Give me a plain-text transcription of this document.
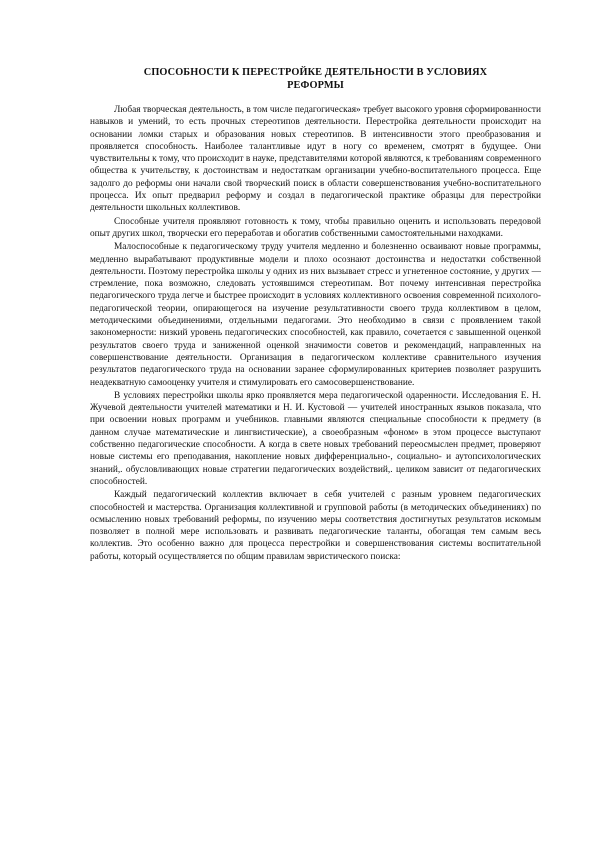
СПОСОБНОСТИ К ПЕРЕСТРОЙКЕ ДЕЯТЕЛЬНОСТИ В УСЛОВИЯХ
РЕФОРМЫ

Любая творческая деятельность, в том числе педагогическая» требует высокого уровня сформированности навыков и умений, то есть прочных стереотипов деятельности. Перестройка деятельности происходит на основании ломки старых и образования новых стереотипов. В интенсивности этого преобразования и проявляется способность. Наиболее талантливые идут в ногу со временем, смотрят в будущее. Они чувствительны к тому, что происходит в науке, представителями которой являются, к требованиям современного общества к учительству, к достоинствам и недостаткам организации учебно-воспитательного процесса. Еще задолго до реформы они начали свой творческий поиск в области совершенствования учебно-воспитательного процесса. Их опыт предварил реформу и создал в педагогической практике образцы для перестройки деятельности школьных коллективов.

Способные учителя проявляют готовность к тому, чтобы правильно оценить и использовать передовой опыт других школ, творчески его переработав и обогатив собственными самостоятельными находками.

Малоспособные к педагогическому труду учителя медленно и болезненно осваивают новые программы, медленно вырабатывают продуктивные модели и плохо осознают достоинства и недостатки собственной деятельности. Поэтому перестройка школы у одних из них вызывает стресс и угнетенное состояние, у других — стремление, пока возможно, следовать устоявшимся стереотипам. Вот почему интенсивная перестройка педагогического труда легче и быстрее происходит в условиях коллективного освоения современной психолого-педагогической теории, опирающегося на изучение результативности своего труда коллективом в целом, методическими объединениями, отдельными педагогами. Это необходимо в связи с проявлением такой закономерности: низкий уровень педагогических способностей, как правило, сочетается с завышенной оценкой результатов своего труда и заниженной оценкой значимости советов и рекомендаций, направленных на совершенствование деятельности. Организация в педагогическом коллективе сравнительного изучения результатов педагогического труда на основании заранее сформулированных критериев позволяет разрушить неадекватную самооценку учителя и стимулировать его самосовершенствование.

В условиях перестройки школы ярко проявляется мера педагогической одаренности. Исследования Е. Н. Жучевой деятельности учителей математики и Н. И. Кустовой — учителей иностранных языков показала, что при освоении новых программ и учебников. главными являются специальные способности к предмету (в данном случае математические и лингвистические), а своеобразным «фоном» в этом процессе выступают собственно педагогические способности. А когда в свете новых требований переосмыслен предмет, проверяют новые системы его преподавания, накопление новых дифференциально-, социально- и аутопсихологических знаний,. обусловливающих новые стратегии педагогических воздействий,. целиком зависит от педагогических способностей.

Каждый педагогический коллектив включает в себя учителей с разным уровнем педагогических способностей и мастерства. Организация коллективной и групповой работы (в методических объединениях) по осмыслению новых требований реформы, по изучению меры соответствия достигнутых результатов искомым позволяет в полной мере использовать и развивать педагогические таланты, обогащая тем самым весь коллектив. Это особенно важно для процесса перестройки и совершенствования системы воспитательной работы, который осуществляется по общим правилам эвристического поиска:
